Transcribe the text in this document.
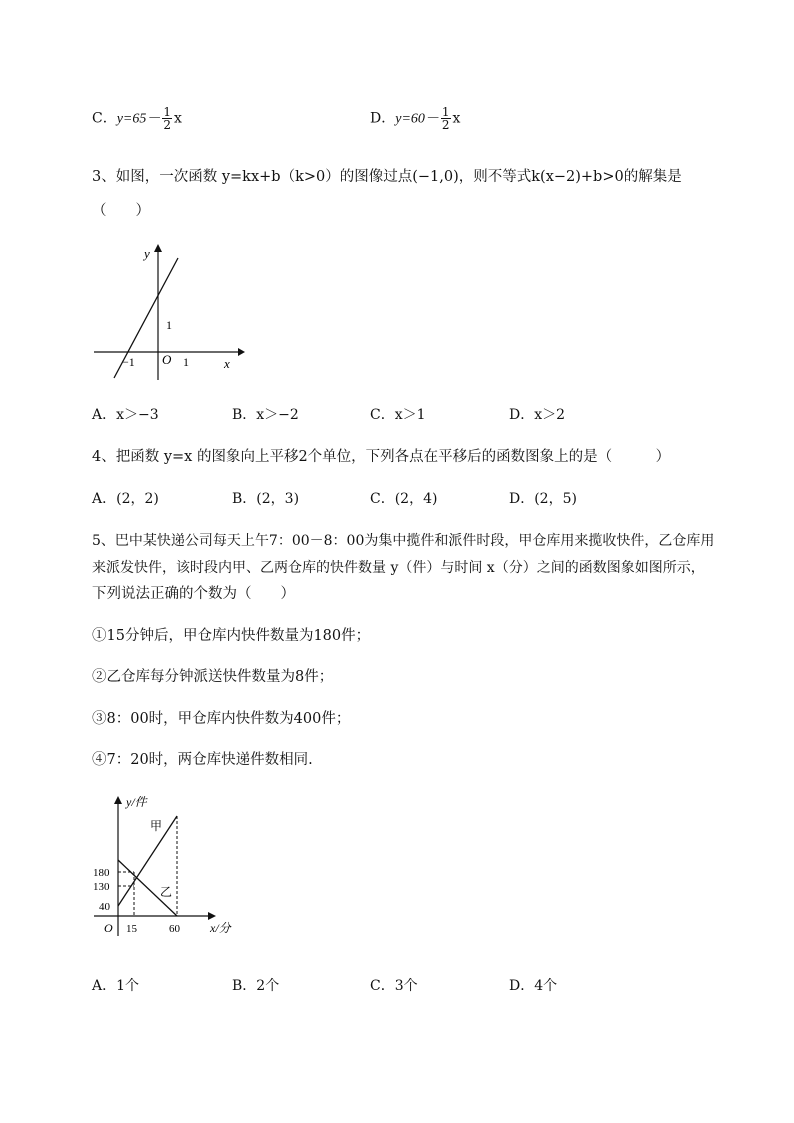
C．$y=65- \frac{1}{2}$ x	D．$y=60- \frac{1}{2}$ x
3、如图，一次函数 y=kx+b（k>0）的图像过点(−1,0)，则不等式k(x−2)+b>0的解集是
（　　）
y
x
O
−1	1
1
A．x＞−3	B．x＞−2	C．x＞1	D．x＞2
4、把函数 y=x 的图象向上平移2个单位，下列各点在平移后的函数图象上的是（　　　）
A．(2，2)	B．(2，3)	C．(2，4)	D．(2，5)
5、巴中某快递公司每天上午7：00－8：00为集中揽件和派件时段，甲仓库用来揽收快件，乙仓库用
来派发快件，该时段内甲、乙两仓库的快件数量 y（件）与时间 x（分）之间的函数图象如图所示，
下列说法正确的个数为（　　）
①15分钟后，甲仓库内快件数量为180件；
②乙仓库每分钟派送快件数量为8件；
③8：00时，甲仓库内快件数为400件；
④7：20时，两仓库快递件数相同.
y/件
x/分
O
甲
乙
180
130
40
15	60
A．1个	B．2个	C．3个	D．4个
